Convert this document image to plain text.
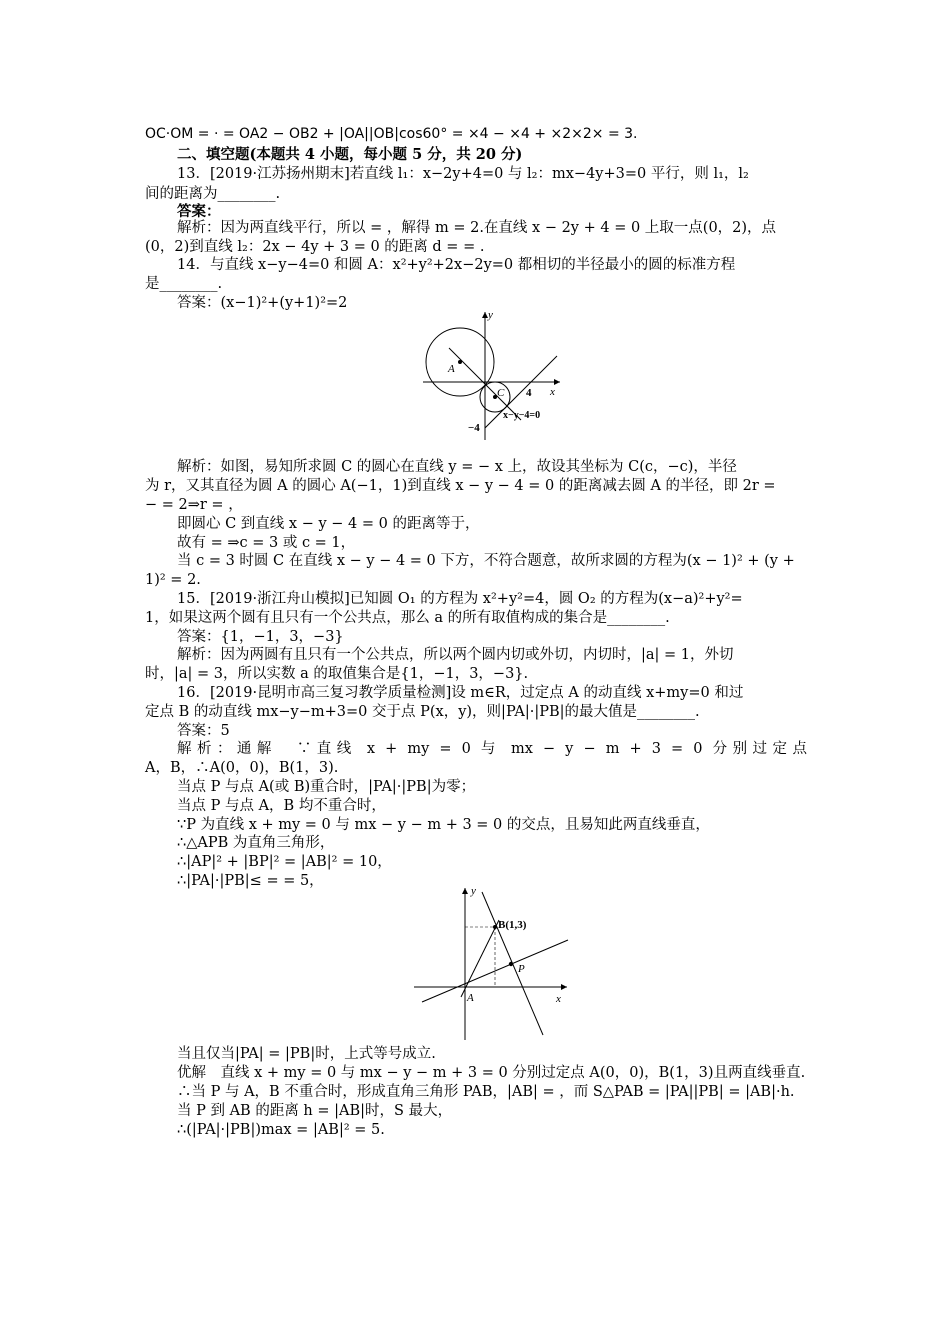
OC·OM = · = OA2 − OB2 + |OA||OB|cos60° = ×4 − ×4 + ×2×2× = 3.
二、填空题(本题共 4 小题，每小题 5 分，共 20 分)
13．[2019·江苏扬州期末]若直线 l₁：x−2y+4=0 与 l₂：mx−4y+3=0 平行，则 l₁，l₂
间的距离为________.
答案：
解析：因为两直线平行，所以 = ，解得 m = 2.在直线 x − 2y + 4 = 0 上取一点(0，2)，点
(0，2)到直线 l₂：2x − 4y + 3 = 0 的距离 d = = .
14．与直线 x−y−4=0 和圆 A：x²+y²+2x−2y=0 都相切的半径最小的圆的标准方程
是________.
答案：(x−1)²+(y+1)²=2
A
C
y
x
4
−4
x−y−4=0
解析：如图，易知所求圆 C 的圆心在直线 y = − x 上，故设其坐标为 C(c，−c)，半径
为 r，又其直径为圆 A 的圆心 A(−1，1)到直线 x − y − 4 = 0 的距离减去圆 A 的半径，即 2r =
− = 2⇒r = ，
即圆心 C 到直线 x − y − 4 = 0 的距离等于，
故有 = ⇒c = 3 或 c = 1，
当 c = 3 时圆 C 在直线 x − y − 4 = 0 下方，不符合题意，故所求圆的方程为(x − 1)² + (y +
1)² = 2.
15．[2019·浙江舟山模拟]已知圆 O₁ 的方程为 x²+y²=4，圆 O₂ 的方程为(x−a)²+y²=
1，如果这两个圆有且只有一个公共点，那么 a 的所有取值构成的集合是________.
答案：{1，−1，3，−3}
解析：因为两圆有且只有一个公共点，所以两个圆内切或外切，内切时，|a| = 1，外切
时，|a| = 3，所以实数 a 的取值集合是{1，−1，3，−3}.
16．[2019·昆明市高三复习教学质量检测]设 m∈R，过定点 A 的动直线 x+my=0 和过
定点 B 的动直线 mx−y−m+3=0 交于点 P(x，y)，则|PA|·|PB|的最大值是________.
答案：5
解析：通解　∵直线 x + my = 0 与 mx − y − m + 3 = 0 分别过定点
A，B，∴A(0，0)，B(1，3).
当点 P 与点 A(或 B)重合时，|PA|·|PB|为零；
当点 P 与点 A，B 均不重合时，
∵P 为直线 x + my = 0 与 mx − y − m + 3 = 0 的交点，且易知此两直线垂直，
∴△APB 为直角三角形，
∴|AP|² + |BP|² = |AB|² = 10，
∴|PA|·|PB|≤ = = 5，
y
x
A
B(1,3)
P
当且仅当|PA| = |PB|时，上式等号成立.
优解　直线 x + my = 0 与 mx − y − m + 3 = 0 分别过定点 A(0，0)，B(1，3)且两直线垂直.
∴当 P 与 A，B 不重合时，形成直角三角形 PAB，|AB| = ，而 S△PAB = |PA||PB| = |AB|·h.
当 P 到 AB 的距离 h = |AB|时，S 最大，
∴(|PA|·|PB|)max = |AB|² = 5.
